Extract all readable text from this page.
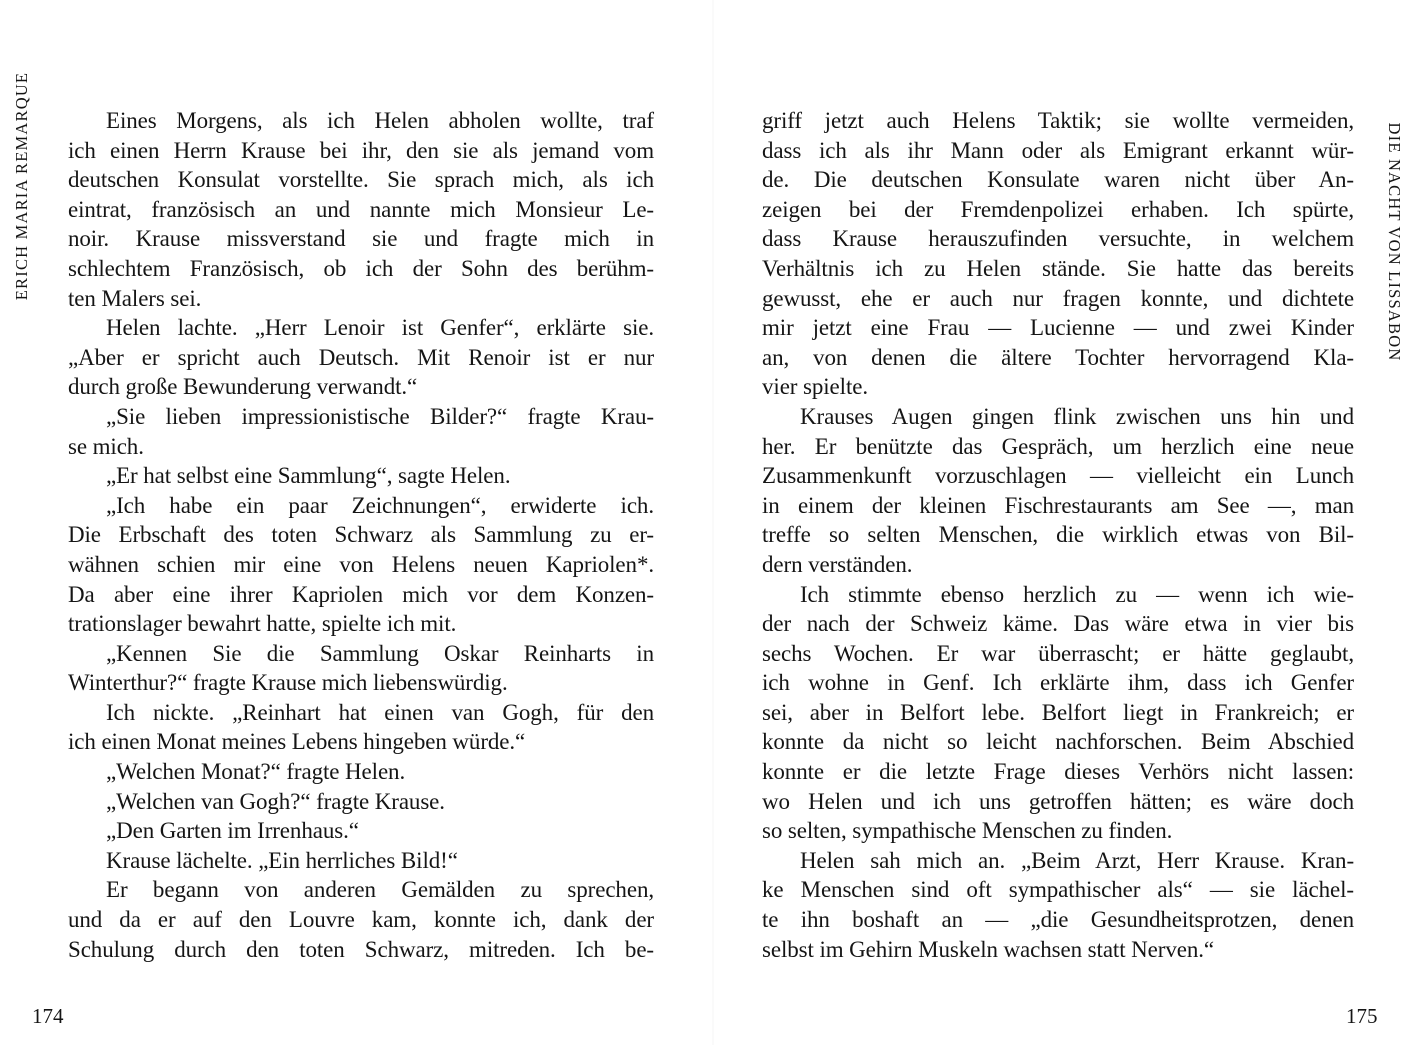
ERICH MARIA REMARQUE	Eines Morgens, als ich Helen abholen wollte, traf
ich einen Herrn Krause bei ihr, den sie als jemand vom
deutschen Konsulat vorstellte. Sie sprach mich, als ich
eintrat, französisch an und nannte mich Monsieur Le-
noir. Krause missverstand sie und fragte mich in
schlechtem Französisch, ob ich der Sohn des berühm-
ten Malers sei.
Helen lachte. „Herr Lenoir ist Genfer“, erklärte sie.
„Aber er spricht auch Deutsch. Mit Renoir ist er nur
durch große Bewunderung verwandt.“
„Sie lieben impressionistische Bilder?“ fragte Krau-
se mich.
„Er hat selbst eine Sammlung“, sagte Helen.
„Ich habe ein paar Zeichnungen“, erwiderte ich.
Die Erbschaft des toten Schwarz als Sammlung zu er-
wähnen schien mir eine von Helens neuen Kapriolen*.
Da aber eine ihrer Kapriolen mich vor dem Konzen-
trationslager bewahrt hatte, spielte ich mit.
„Kennen Sie die Sammlung Oskar Reinharts in
Winterthur?“ fragte Krause mich liebenswürdig.
Ich nickte. „Reinhart hat einen van Gogh, für den
ich einen Monat meines Lebens hingeben würde.“
„Welchen Monat?“ fragte Helen.
„Welchen van Gogh?“ fragte Krause.
„Den Garten im Irrenhaus.“
Krause lächelte. „Ein herrliches Bild!“
Er begann von anderen Gemälden zu sprechen,
und da er auf den Louvre kam, konnte ich, dank der
Schulung durch den toten Schwarz, mitreden. Ich be-
174
DIE NACHT VON LISSABON
griff jetzt auch Helens Taktik; sie wollte vermeiden,
dass ich als ihr Mann oder als Emigrant erkannt wür-
de. Die deutschen Konsulate waren nicht über An-
zeigen bei der Fremdenpolizei erhaben. Ich spürte,
dass Krause herauszufinden versuchte, in welchem
Verhältnis ich zu Helen stände. Sie hatte das bereits
gewusst, ehe er auch nur fragen konnte, und dichtete
mir jetzt eine Frau — Lucienne — und zwei Kinder
an, von denen die ältere Tochter hervorragend Kla-
vier spielte.
Krauses Augen gingen flink zwischen uns hin und
her. Er benützte das Gespräch, um herzlich eine neue
Zusammenkunft vorzuschlagen — vielleicht ein Lunch
in einem der kleinen Fischrestaurants am See —, man
treffe so selten Menschen, die wirklich etwas von Bil-
dern verständen.
Ich stimmte ebenso herzlich zu — wenn ich wie-
der nach der Schweiz käme. Das wäre etwa in vier bis
sechs Wochen. Er war überrascht; er hätte geglaubt,
ich wohne in Genf. Ich erklärte ihm, dass ich Genfer
sei, aber in Belfort lebe. Belfort liegt in Frankreich; er
konnte da nicht so leicht nachforschen. Beim Abschied
konnte er die letzte Frage dieses Verhörs nicht lassen:
wo Helen und ich uns getroffen hätten; es wäre doch
so selten, sympathische Menschen zu finden.
Helen sah mich an. „Beim Arzt, Herr Krause. Kran-
ke Menschen sind oft sympathischer als“ — sie lächel-
te ihn boshaft an — „die Gesundheitsprotzen, denen
selbst im Gehirn Muskeln wachsen statt Nerven.“
175
